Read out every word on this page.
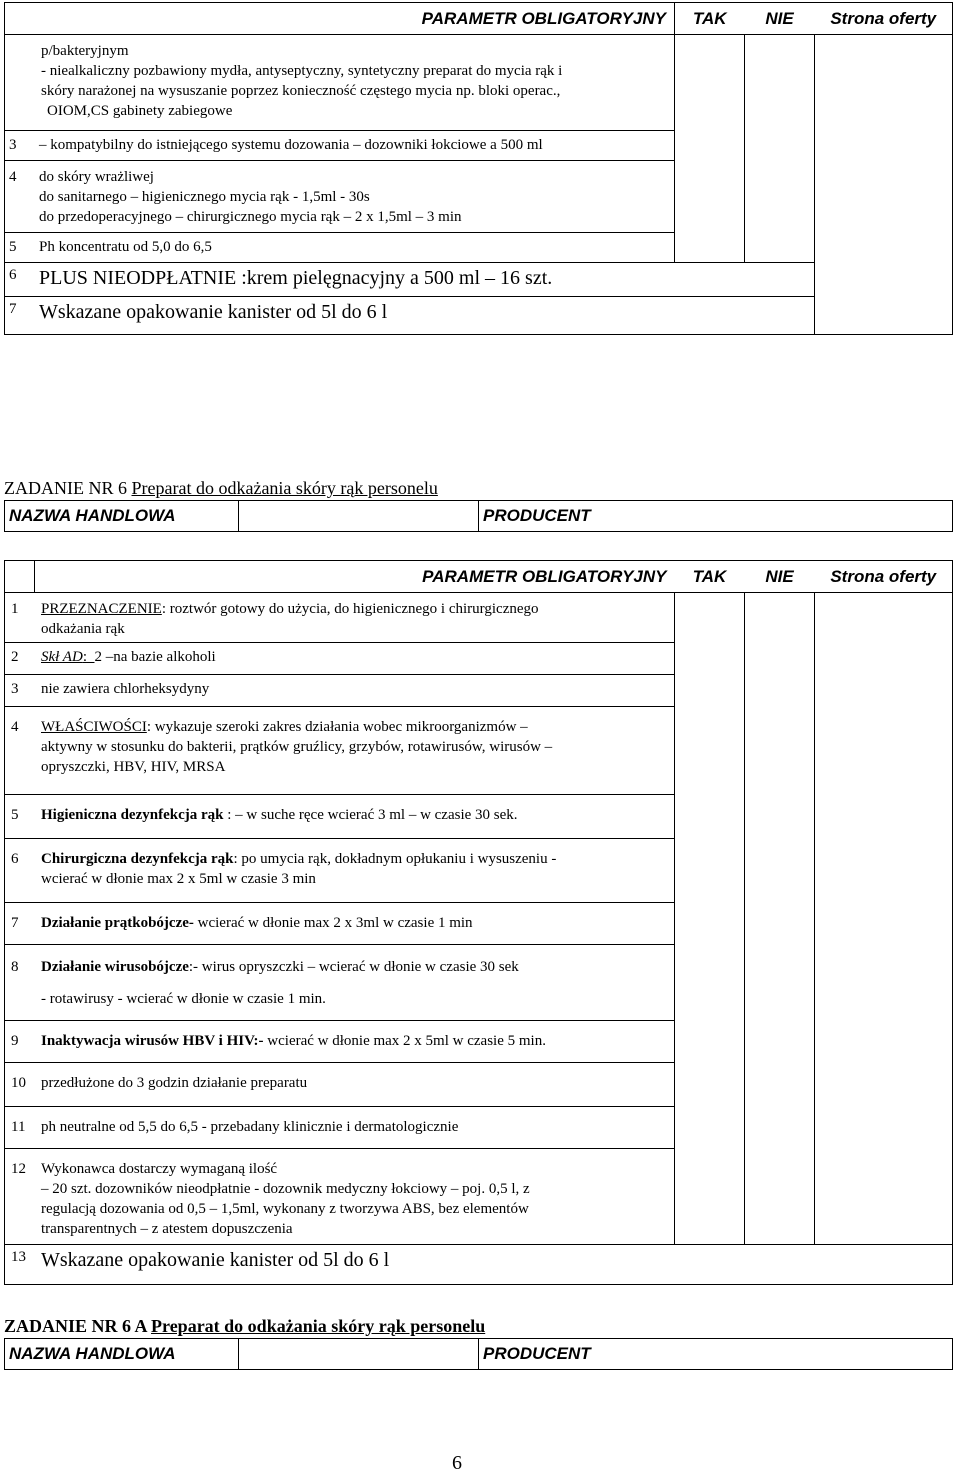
	PARAMETR OBLIGATORYJNY	TAK	NIE	Strona oferty

p/bakteryjnym
- niealkaliczny pozbawiony mydła, antyseptyczny, syntetyczny preparat do mycia rąk i
skóry narażonej na wysuszanie poprzez konieczność częstego mycia np. bloki operac.,
OIOM,CS gabinety zabiegowe				

3 – kompatybilny do istniejącego systemu dozowania – dozowniki łokciowe a 500 ml				
4 do skóry wrażliwej
do sanitarnego – higienicznego mycia rąk - 1,5ml - 30s
do przedoperacyjnego – chirurgicznego mycia rąk – 2 x 1,5ml – 3 min				

5 Ph koncentratu od 5,0 do 6,5				
6 PLUS NIEODPŁATNIE :krem pielęgnacyjny a 500 ml – 16 szt.				
7 Wskazane opakowanie kanister od 5l do 6 l				
ZADANIE NR 6 Preparat do odkażania skóry rąk personelu
NAZWA HANDLOWA		PRODUCENT
	PARAMETR OBLIGATORYJNY	TAK	NIE	Strona oferty
1 PRZEZNACZENIE: roztwór gotowy do użycia, do higienicznego i chirurgicznego
odkażania rąk				

2 Skł AD: 2 –na bazie alkoholi				
3 nie zawiera chlorheksydyny				
4 WŁAŚCIWOŚCI: wykazuje szeroki zakres działania wobec mikroorganizmów –
aktywny w stosunku do bakterii, prątków gruźlicy, grzybów, rotawirusów, wirusów –
opryszczki, HBV, HIV, MRSA				

5 Higieniczna dezynfekcja rąk : – w suche ręce wcierać 3 ml – w czasie 30 sek.				
6 Chirurgiczna dezynfekcja rąk: po umycia rąk, dokładnym opłukaniu i wysuszeniu -
wcierać w dłonie max 2 x 5ml w czasie 3 min				

7 Działanie prątkobójcze- wcierać w dłonie max 2 x 3ml w czasie 1 min				
8 Działanie wirusobójcze:- wirus opryszczki – wcierać w dłonie w czasie 30 sek
- rotawirusy - wcierać w dłonie w czasie 1 min.				

9 Inaktywacja wirusów HBV i HIV:- wcierać w dłonie max 2 x 5ml w czasie 5 min.				
10 przedłużone do 3 godzin działanie preparatu				
11 ph neutralne od 5,5 do 6,5 - przebadany klinicznie i dermatologicznie				
12 Wykonawca dostarczy wymaganą ilość
– 20 szt. dozowników nieodpłatnie - dozownik medyczny łokciowy – poj. 0,5 l, z
regulacją dozowania od 0,5 – 1,5ml, wykonany z tworzywa ABS, bez elementów
transparentnych – z atestem dopuszczenia				

13 Wskazane opakowanie kanister od 5l do 6 l				
ZADANIE NR 6 A Preparat do odkażania skóry rąk personelu
NAZWA HANDLOWA		PRODUCENT
6
